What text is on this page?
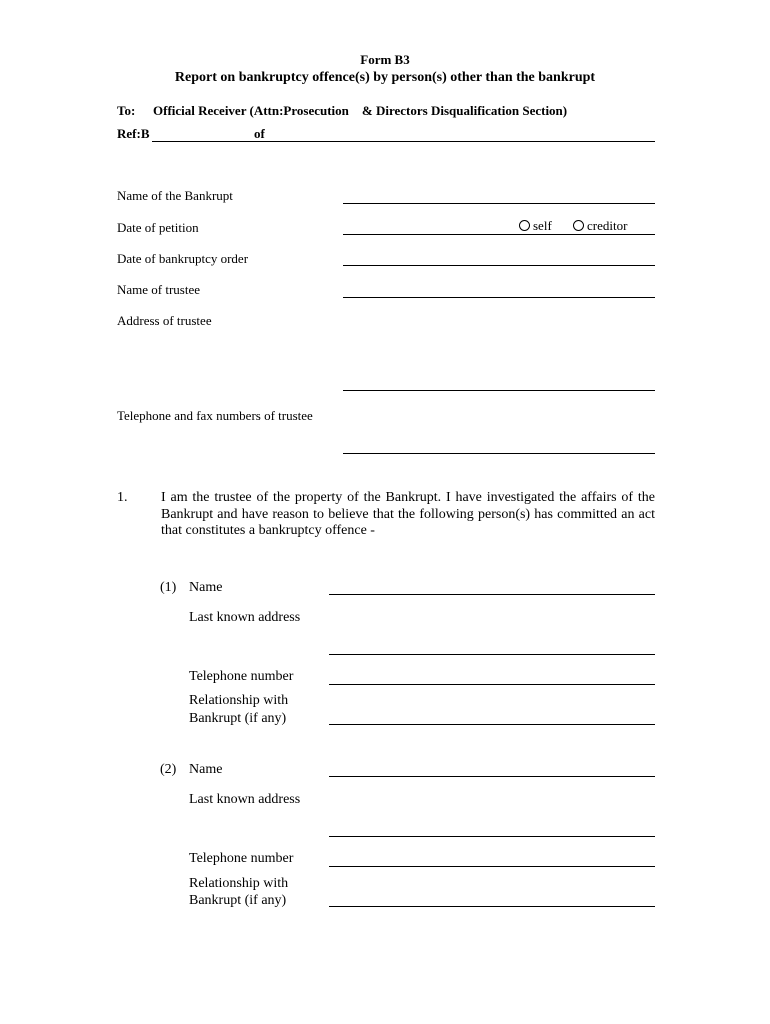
Form B3
Report on bankruptcy offence(s) by person(s) other than the bankrupt
To: Official Receiver (Attn:Prosecution    & Directors Disqualification Section)
Ref:B	of
Name of the Bankrupt
Date of petition	self	creditor
Date of bankruptcy order
Name of trustee
Address of trustee
Telephone and fax numbers of trustee
1. I am the trustee of the property of the Bankrupt. I have investigated the affairs of the Bankrupt and have reason to believe that the following person(s) has committed an act that constitutes a bankruptcy offence -
(1) Name
Last known address
Telephone number
Relationship with
Bankrupt (if any)
(2) Name
Last known address
Telephone number
Relationship with
Bankrupt (if any)
